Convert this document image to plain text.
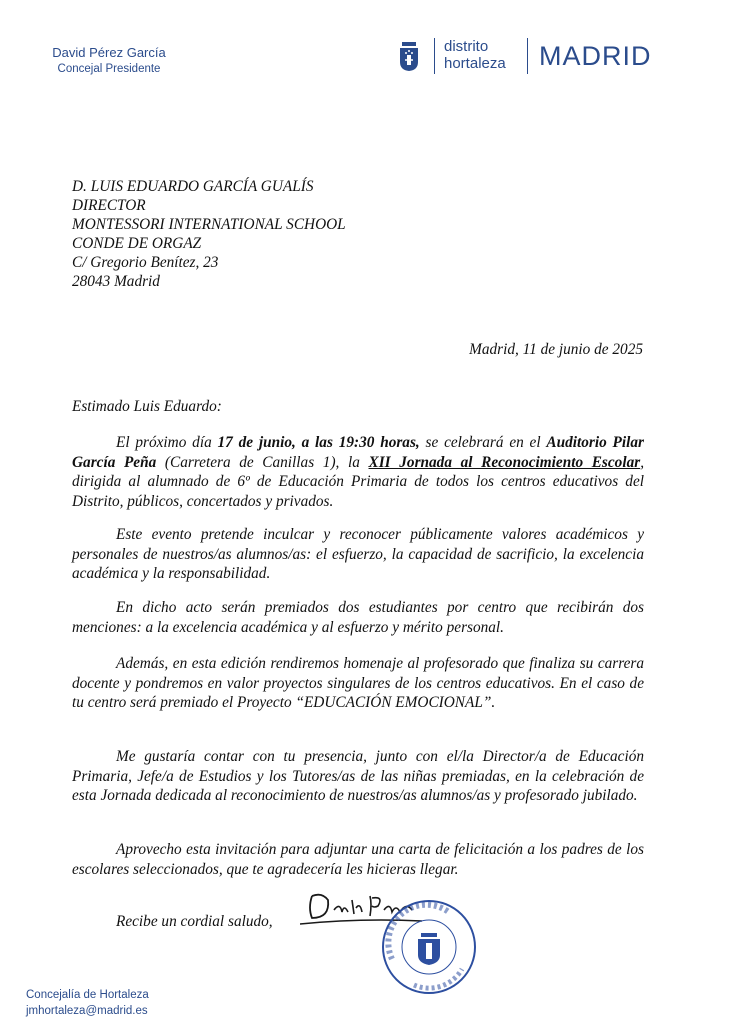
David Pérez García
Concejal Presidente
distrito
hortaleza MADRID
D. LUIS EDUARDO GARCÍA GUALÍS
DIRECTOR
MONTESSORI INTERNATIONAL SCHOOL
CONDE DE ORGAZ
C/ Gregorio Benítez, 23
28043 Madrid
Madrid, 11 de junio de 2025
Estimado Luis Eduardo:
El próximo día 17 de junio, a las 19:30 horas, se celebrará en el Auditorio Pilar García Peña (Carretera de Canillas 1), la XII Jornada al Reconocimiento Escolar, dirigida al alumnado de 6º de Educación Primaria de todos los centros educativos del Distrito, públicos, concertados y privados.
Este evento pretende inculcar y reconocer públicamente valores académicos y personales de nuestros/as alumnos/as: el esfuerzo, la capacidad de sacrificio, la excelencia académica y la responsabilidad.
En dicho acto serán premiados dos estudiantes por centro que recibirán dos menciones: a la excelencia académica y al esfuerzo y mérito personal.
Además, en esta edición rendiremos homenaje al profesorado que finaliza su carrera docente y pondremos en valor proyectos singulares de los centros educativos. En el caso de tu centro será premiado el Proyecto “EDUCACIÓN EMOCIONAL”.
Me gustaría contar con tu presencia, junto con el/la Director/a de Educación Primaria, Jefe/a de Estudios y los Tutores/as de las niñas premiadas, en la celebración de esta Jornada dedicada al reconocimiento de nuestros/as alumnos/as y profesorado jubilado.
Aprovecho esta invitación para adjuntar una carta de felicitación a los padres de los escolares seleccionados, que te agradecería les hicieras llegar.
Recibe un cordial saludo,
Concejalía de Hortaleza
jmhortaleza@madrid.es
